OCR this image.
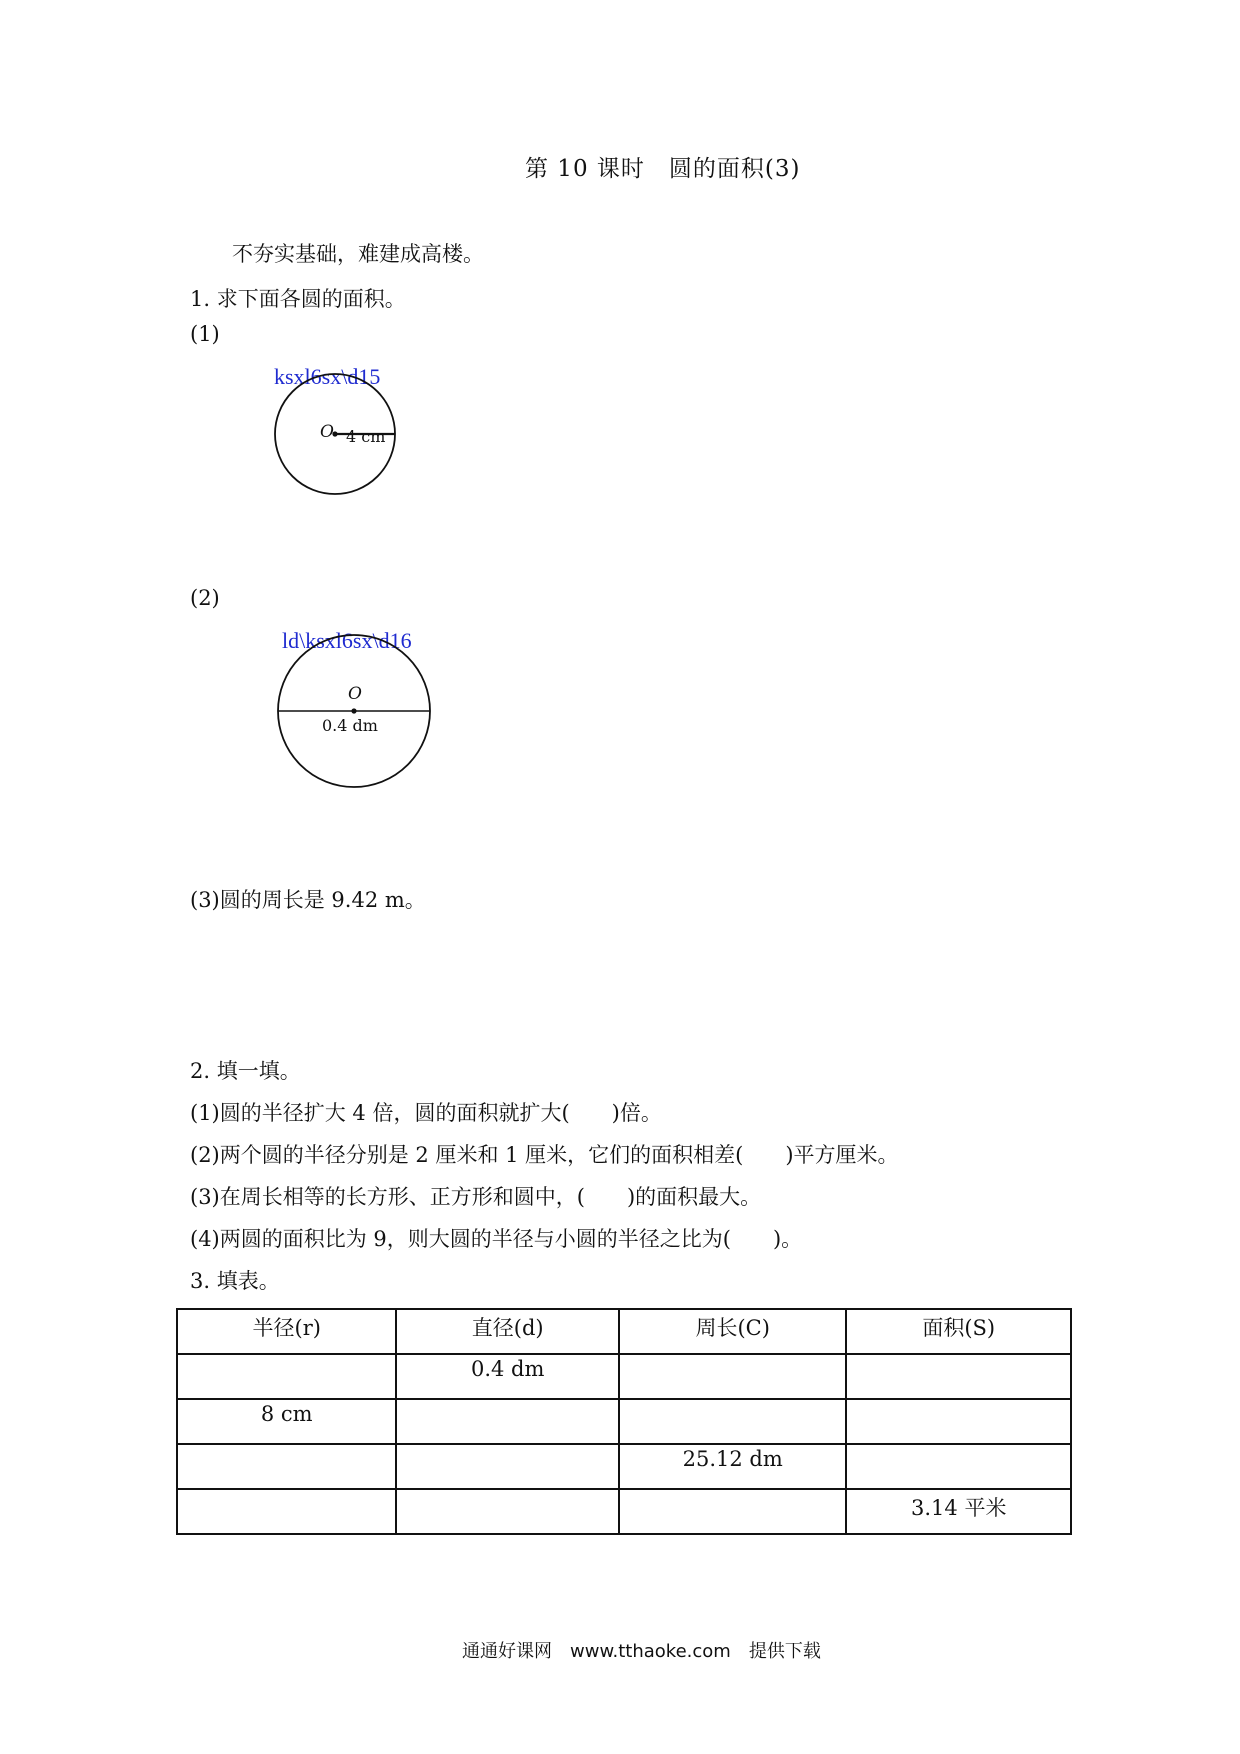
第 10 课时　圆的面积(3)
不夯实基础，难建成高楼。
1. 求下面各圆的面积。
(1)
ksxl6sx\d15
O 4 cm
(2)
ld\ksxl6sx\d16
O
0.4 dm
(3)圆的周长是 9.42 m。
2. 填一填。
(1)圆的半径扩大 4 倍，圆的面积就扩大(　　)倍。
(2)两个圆的半径分别是 2 厘米和 1 厘米，它们的面积相差(　　)平方厘米。
(3)在周长相等的长方形、正方形和圆中，(　　)的面积最大。
(4)两圆的面积比为 9，则大圆的半径与小圆的半径之比为(　　)。
3. 填表。
半径(r)	直径(d)	周长(C)	面积(S)
	0.4 dm		
8 cm			
		25.12 dm	
			3.14 平米
通通好课网　www.tthaoke.com　提供下载
